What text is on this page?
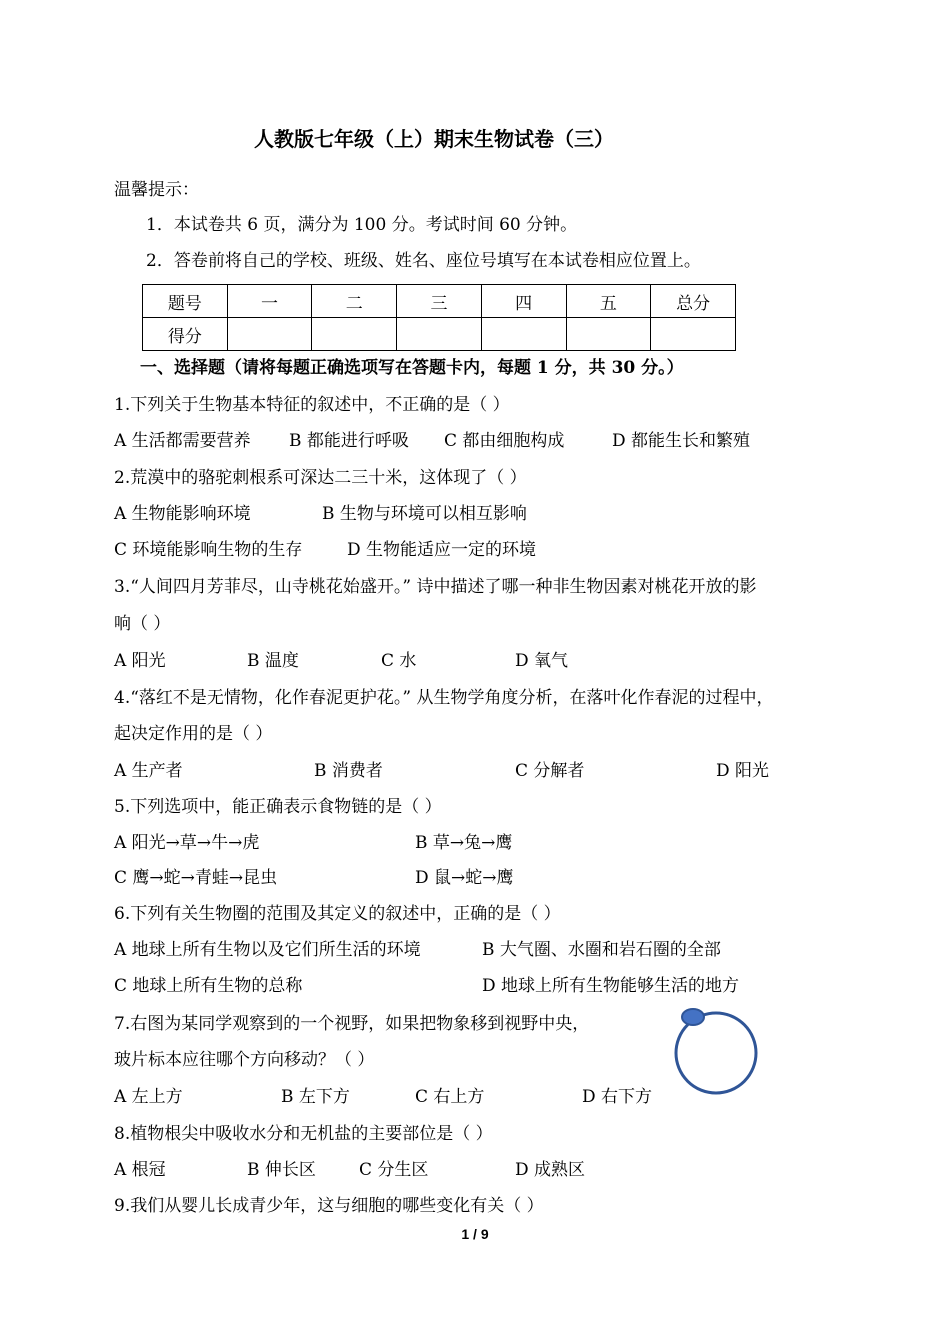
人教版七年级（上）期末生物试卷（三）
温馨提示：
1．本试卷共 6 页，满分为 100 分。考试时间 60 分钟。
2．答卷前将自己的学校、班级、姓名、座位号填写在本试卷相应位置上。
题号	一	二	三	四	五	总分
得分						
一、选择题（请将每题正确选项写在答题卡内，每题 1 分，共 30 分。）
1.下列关于生物基本特征的叙述中，不正确的是（ ）
A 生活都需要营养 B 都能进行呼吸 C 都由细胞构成	D 都能生长和繁殖
2.荒漠中的骆驼刺根系可深达二三十米，这体现了（ ）
A 生物能影响环境	B 生物与环境可以相互影响
C 环境能影响生物的生存	D 生物能适应一定的环境
3.“人间四月芳菲尽，山寺桃花始盛开。” 诗中描述了哪一种非生物因素对桃花开放的影
响（ ）
A 阳光	B 温度	C 水	D 氧气
4.“落红不是无情物，化作春泥更护花。” 从生物学角度分析，在落叶化作春泥的过程中，
起决定作用的是（ ）
A 生产者	B 消费者	C 分解者	D 阳光
5.下列选项中，能正确表示食物链的是（ ）
A 阳光→草→牛→虎	B 草→兔→鹰
C 鹰→蛇→青蛙→昆虫	D 鼠→蛇→鹰
6.下列有关生物圈的范围及其定义的叙述中，正确的是（ ）
A 地球上所有生物以及它们所生活的环境	B 大气圈、水圈和岩石圈的全部
C 地球上所有生物的总称	D 地球上所有生物能够生活的地方
7.右图为某同学观察到的一个视野，如果把物象移到视野中央，
玻片标本应往哪个方向移动？（ ）
A 左上方	B 左下方	C 右上方	D 右下方
8.植物根尖中吸收水分和无机盐的主要部位是（ ）
A 根冠	B 伸长区	C 分生区	D 成熟区
9.我们从婴儿长成青少年，这与细胞的哪些变化有关（ ）
1 / 9
